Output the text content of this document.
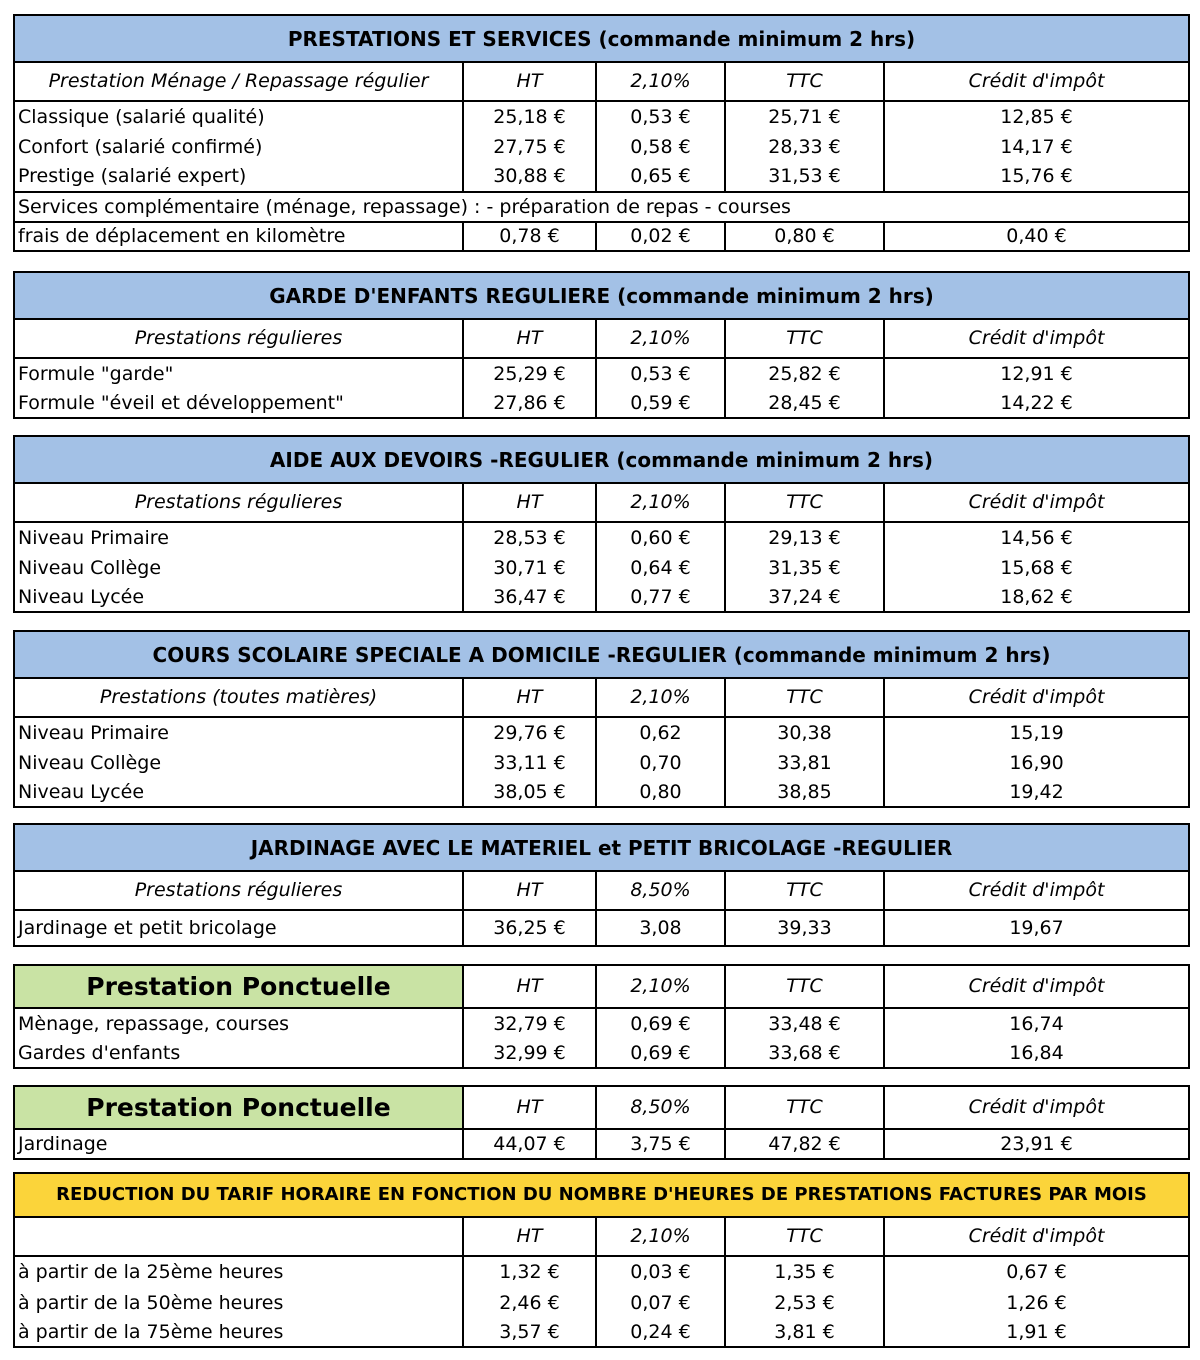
PRESTATIONS ET SERVICES (commande minimum 2 hrs)				
Prestation Ménage / Repassage régulier	HT	2,10%	TTC	Crédit d'impôt
Classique (salarié qualité)	25,18 €	0,53 €	25,71 €	12,85 €
Confort (salarié confirmé)	27,75 €	0,58 €	28,33 €	14,17 €
Prestige (salarié expert)	30,88 €	0,65 €	31,53 €	15,76 €
Services complémentaire (ménage, repassage) : - préparation de repas - courses				
frais de déplacement en kilomètre	0,78 €	0,02 €	0,80 €	0,40 €
GARDE D'ENFANTS REGULIERE (commande minimum 2 hrs)				
Prestations régulieres	HT	2,10%	TTC	Crédit d'impôt
Formule "garde"	25,29 €	0,53 €	25,82 €	12,91 €
Formule "éveil et développement"	27,86 €	0,59 €	28,45 €	14,22 €
AIDE AUX DEVOIRS -REGULIER (commande minimum 2 hrs)				
Prestations régulieres	HT	2,10%	TTC	Crédit d'impôt
Niveau Primaire	28,53 €	0,60 €	29,13 €	14,56 €
Niveau Collège	30,71 €	0,64 €	31,35 €	15,68 €
Niveau Lycée	36,47 €	0,77 €	37,24 €	18,62 €
COURS SCOLAIRE SPECIALE A DOMICILE -REGULIER (commande minimum 2 hrs)				
Prestations (toutes matières)	HT	2,10%	TTC	Crédit d'impôt
Niveau Primaire	29,76 €	0,62	30,38	15,19
Niveau Collège	33,11 €	0,70	33,81	16,90
Niveau Lycée	38,05 €	0,80	38,85	19,42
JARDINAGE AVEC LE MATERIEL et PETIT BRICOLAGE -REGULIER				
Prestations régulieres	HT	8,50%	TTC	Crédit d'impôt
Jardinage et petit bricolage	36,25 €	3,08	39,33	19,67
Prestation Ponctuelle	HT	2,10%	TTC	Crédit d'impôt
Mènage, repassage, courses	32,79 €	0,69 €	33,48 €	16,74
Gardes d'enfants	32,99 €	0,69 €	33,68 €	16,84
Prestation Ponctuelle	HT	8,50%	TTC	Crédit d'impôt
Jardinage	44,07 €	3,75 €	47,82 €	23,91 €
REDUCTION DU TARIF HORAIRE EN FONCTION DU NOMBRE D'HEURES DE PRESTATIONS FACTURES PAR MOIS				
	HT	2,10%	TTC	Crédit d'impôt
à partir de la 25ème heures	1,32 €	0,03 €	1,35 €	0,67 €
à partir de la 50ème heures	2,46 €	0,07 €	2,53 €	1,26 €
à partir de la 75ème heures	3,57 €	0,24 €	3,81 €	1,91 €
